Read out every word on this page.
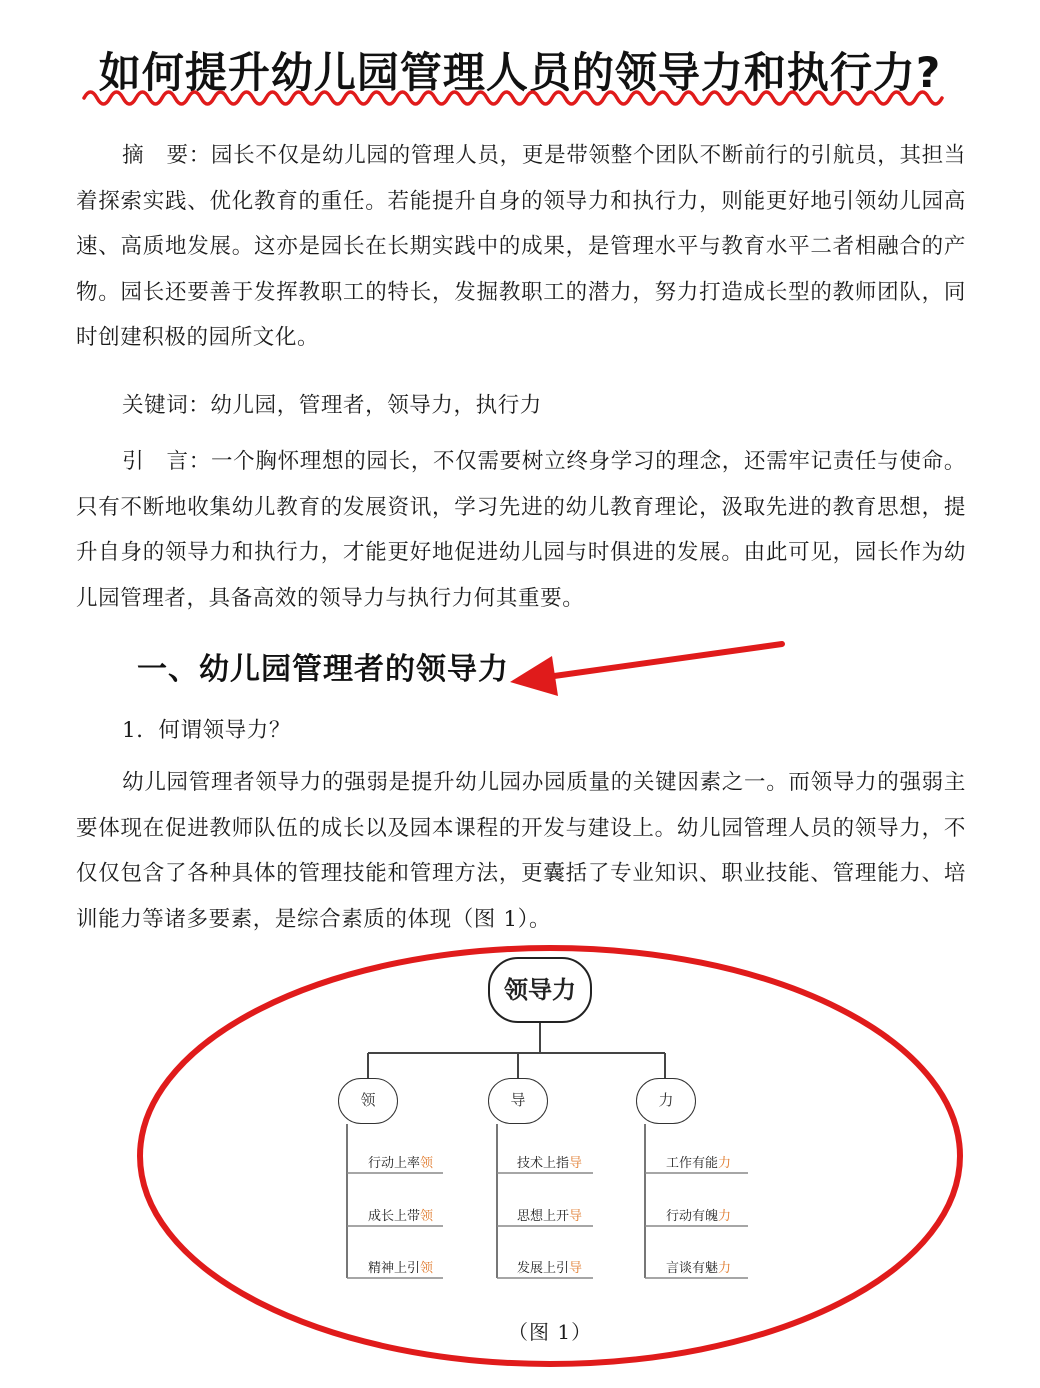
如何提升幼儿园管理人员的领导力和执行力?
摘　要：园长不仅是幼儿园的管理人员，更是带领整个团队不断前行的引航员，其担当着探索实践、优化教育的重任。若能提升自身的领导力和执行力，则能更好地引领幼儿园高速、高质地发展。这亦是园长在长期实践中的成果，是管理水平与教育水平二者相融合的产物。园长还要善于发挥教职工的特长，发掘教职工的潜力，努力打造成长型的教师团队，同时创建积极的园所文化。
关键词：幼儿园，管理者，领导力，执行力
引　言：一个胸怀理想的园长，不仅需要树立终身学习的理念，还需牢记责任与使命。只有不断地收集幼儿教育的发展资讯，学习先进的幼儿教育理论，汲取先进的教育思想，提升自身的领导力和执行力，才能更好地促进幼儿园与时俱进的发展。由此可见，园长作为幼儿园管理者，具备高效的领导力与执行力何其重要。
一、幼儿园管理者的领导力
1．何谓领导力？
幼儿园管理者领导力的强弱是提升幼儿园办园质量的关键因素之一。而领导力的强弱主要体现在促进教师队伍的成长以及园本课程的开发与建设上。幼儿园管理人员的领导力，不仅仅包含了各种具体的管理技能和管理方法，更囊括了专业知识、职业技能、管理能力、培训能力等诸多要素，是综合素质的体现（图 1）。
领导力
领	导	力
行动上率领
成长上带领
精神上引领
技术上指导
思想上开导
发展上引导
工作有能力
行动有魄力
言谈有魅力
（图 1）
